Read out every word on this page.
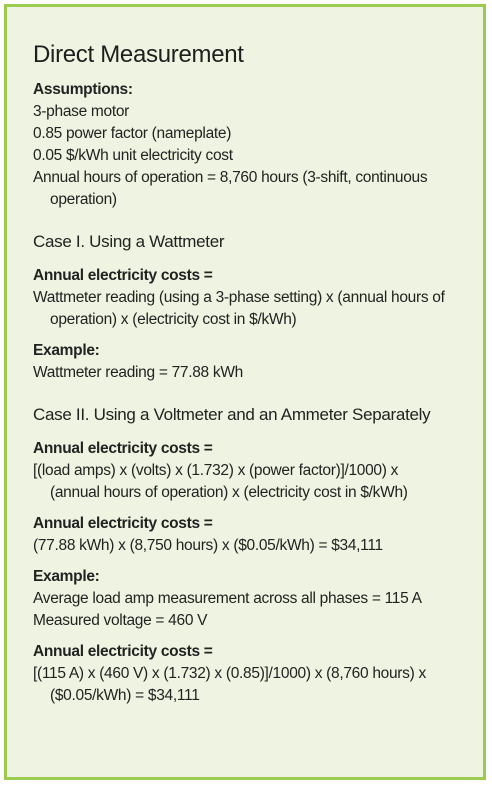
Direct Measurement
Assumptions:
3-phase motor
0.85 power factor (nameplate)
0.05 $/kWh unit electricity cost
Annual hours of operation = 8,760 hours (3-shift, continuous
operation)
Case I. Using a Wattmeter
Annual electricity costs =
Wattmeter reading (using a 3-phase setting) x (annual hours of
operation) x (electricity cost in $/kWh)
Example:
Wattmeter reading = 77.88 kWh
Case II. Using a Voltmeter and an Ammeter Separately
Annual electricity costs =
[(load amps) x (volts) x (1.732) x (power factor)]/1000) x
(annual hours of operation) x (electricity cost in $/kWh)
Annual electricity costs =
(77.88 kWh) x (8,750 hours) x ($0.05/kWh) = $34,111
Example:
Average load amp measurement across all phases = 115 A
Measured voltage = 460 V
Annual electricity costs =
[(115 A) x (460 V) x (1.732) x (0.85)]/1000) x (8,760 hours) x
($0.05/kWh) = $34,111
